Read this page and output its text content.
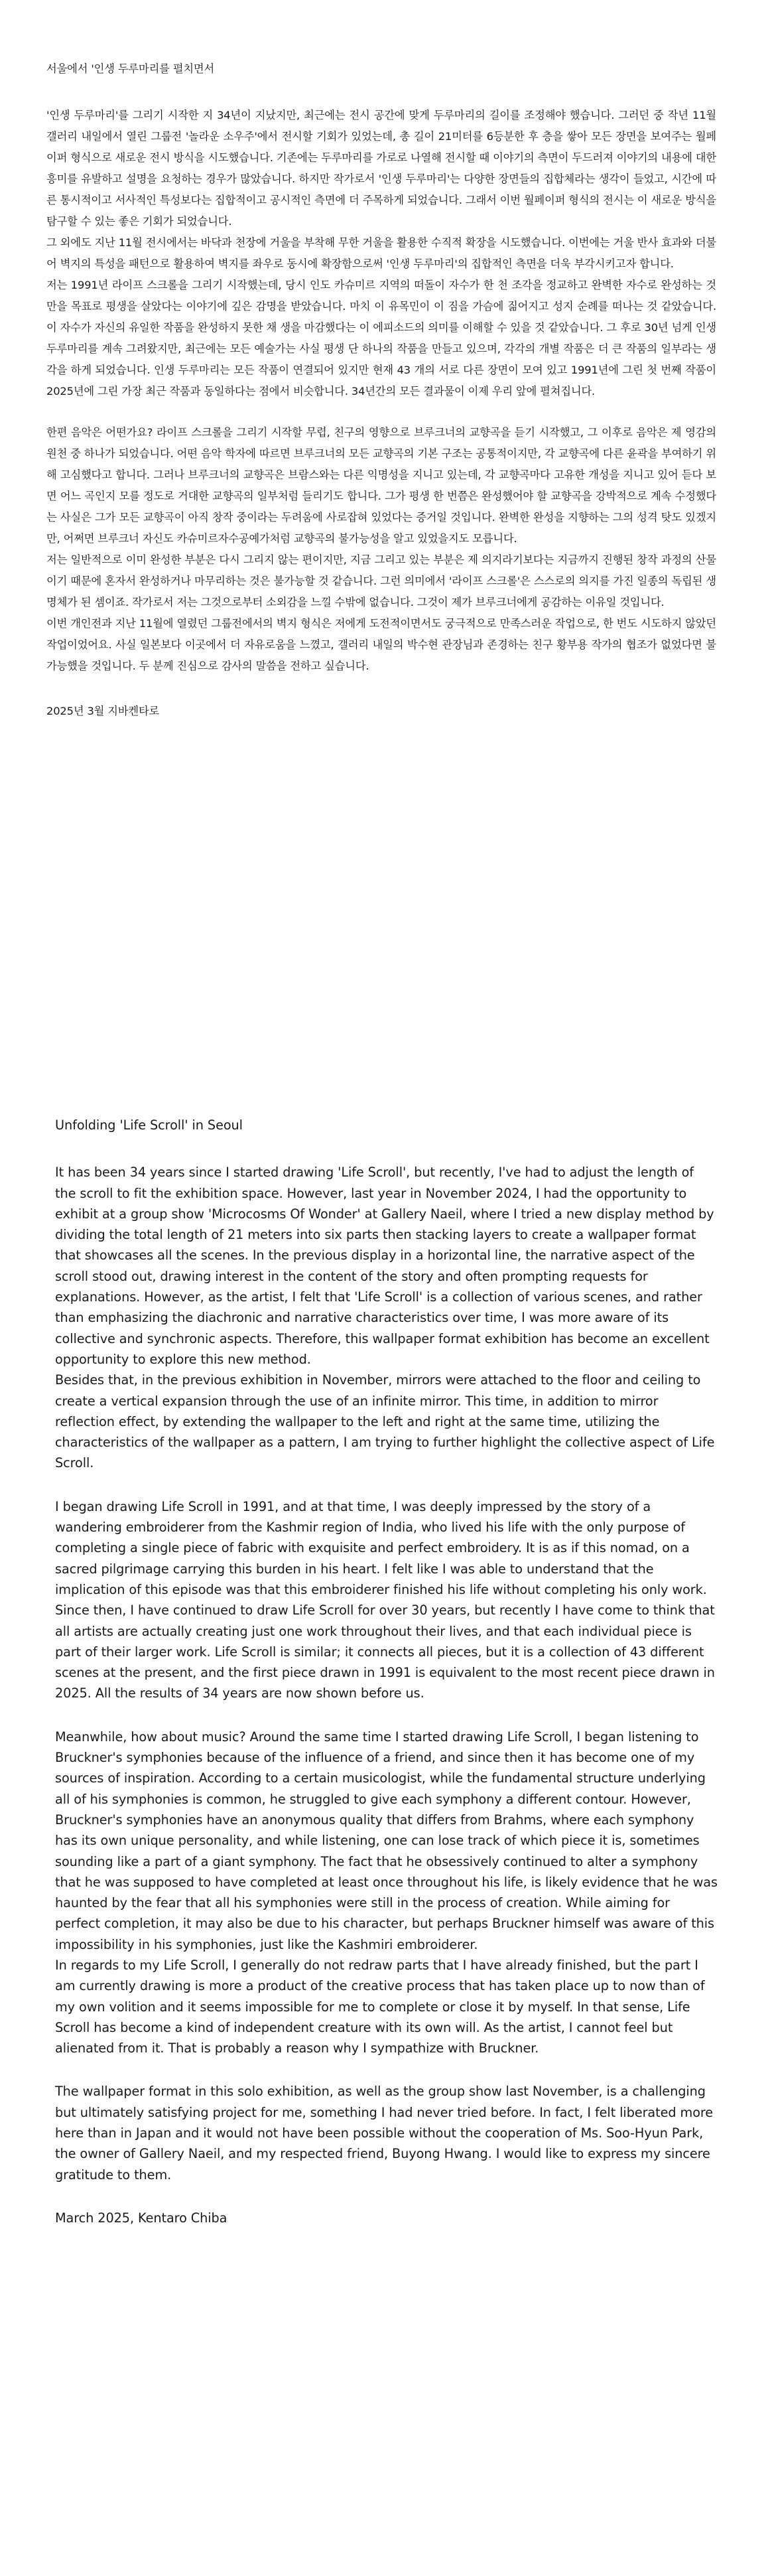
서울에서 '인생 두루마리를 펼치면서

'인생 두루마리'를 그리기 시작한 지 34년이 지났지만, 최근에는 전시 공간에 맞게 두루마리의 길이를 조정해야 했습니다. 그러던 중 작년 11월 갤러리 내일에서 열린 그룹전 '놀라운 소우주'에서 전시할 기회가 있었는데, 총 길이 21미터를 6등분한 후 층을 쌓아 모든 장면을 보여주는 월페이퍼 형식으로 새로운 전시 방식을 시도했습니다. 기존에는 두루마리를 가로로 나열해 전시할 때 이야기의 측면이 두드러져 이야기의 내용에 대한 흥미를 유발하고 설명을 요청하는 경우가 많았습니다. 하지만 작가로서 '인생 두루마리'는 다양한 장면들의 집합체라는 생각이 들었고, 시간에 따른 통시적이고 서사적인 특성보다는 집합적이고 공시적인 측면에 더 주목하게 되었습니다. 그래서 이번 월페이퍼 형식의 전시는 이 새로운 방식을 탐구할 수 있는 좋은 기회가 되었습니다.
그 외에도 지난 11월 전시에서는 바닥과 천장에 거울을 부착해 무한 거울을 활용한 수직적 확장을 시도했습니다. 이번에는 거울 반사 효과와 더불어 벽지의 특성을 패턴으로 활용하여 벽지를 좌우로 동시에 확장함으로써 '인생 두루마리'의 집합적인 측면을 더욱 부각시키고자 합니다.
저는 1991년 라이프 스크롤을 그리기 시작했는데, 당시 인도 카슈미르 지역의 떠돌이 자수가 한 천 조각을 정교하고 완벽한 자수로 완성하는 것만을 목표로 평생을 살았다는 이야기에 깊은 감명을 받았습니다. 마치 이 유목민이 이 짐을 가슴에 짊어지고 성지 순례를 떠나는 것 같았습니다. 이 자수가 자신의 유일한 작품을 완성하지 못한 채 생을 마감했다는 이 에피소드의 의미를 이해할 수 있을 것 같았습니다. 그 후로 30년 넘게 인생 두루마리를 계속 그려왔지만, 최근에는 모든 예술가는 사실 평생 단 하나의 작품을 만들고 있으며, 각각의 개별 작품은 더 큰 작품의 일부라는 생각을 하게 되었습니다. 인생 두루마리는 모든 작품이 연결되어 있지만 현재 43 개의 서로 다른 장면이 모여 있고 1991년에 그린 첫 번째 작품이 2025년에 그린 가장 최근 작품과 동일하다는 점에서 비슷합니다. 34년간의 모든 결과물이 이제 우리 앞에 펼쳐집니다.

한편 음악은 어떤가요? 라이프 스크롤을 그리기 시작할 무렵, 친구의 영향으로 브루크너의 교향곡을 듣기 시작했고, 그 이후로 음악은 제 영감의 원천 중 하나가 되었습니다. 어떤 음악 학자에 따르면 브루크너의 모든 교향곡의 기본 구조는 공통적이지만, 각 교향곡에 다른 윤곽을 부여하기 위해 고심했다고 합니다. 그러나 브루크너의 교향곡은 브람스와는 다른 익명성을 지니고 있는데, 각 교향곡마다 고유한 개성을 지니고 있어 듣다 보면 어느 곡인지 모를 정도로 거대한 교향곡의 일부처럼 들리기도 합니다. 그가 평생 한 번쯤은 완성했어야 할 교향곡을 강박적으로 계속 수정했다는 사실은 그가 모든 교향곡이 아직 창작 중이라는 두려움에 사로잡혀 있었다는 증거일 것입니다. 완벽한 완성을 지향하는 그의 성격 탓도 있겠지만, 어쩌면 브루크너 자신도 카슈미르자수공예가처럼 교향곡의 불가능성을 알고 있었을지도 모릅니다.
저는 일반적으로 이미 완성한 부분은 다시 그리지 않는 편이지만, 지금 그리고 있는 부분은 제 의지라기보다는 지금까지 진행된 창작 과정의 산물이기 때문에 혼자서 완성하거나 마무리하는 것은 불가능할 것 같습니다. 그런 의미에서 '라이프 스크롤'은 스스로의 의지를 가진 일종의 독립된 생명체가 된 셈이죠. 작가로서 저는 그것으로부터 소외감을 느낄 수밖에 없습니다. 그것이 제가 브루크너에게 공감하는 이유일 것입니다.
이번 개인전과 지난 11월에 열렸던 그룹전에서의 벽지 형식은 저에게 도전적이면서도 궁극적으로 만족스러운 작업으로, 한 번도 시도하지 않았던 작업이었어요. 사실 일본보다 이곳에서 더 자유로움을 느꼈고, 갤러리 내일의 박수현 관장님과 존경하는 친구 황부용 작가의 협조가 없었다면 불가능했을 것입니다. 두 분께 진심으로 감사의 말씀을 전하고 싶습니다.

2025년 3월 지바켄타로

Unfolding 'Life Scroll' in Seoul

It has been 34 years since I started drawing 'Life Scroll', but recently, I've had to adjust the length of the scroll to fit the exhibition space. However, last year in November 2024, I had the opportunity to exhibit at a group show 'Microcosms Of Wonder' at Gallery Naeil, where I tried a new display method by dividing the total length of 21 meters into six parts then stacking layers to create a wallpaper format that showcases all the scenes. In the previous display in a horizontal line, the narrative aspect of the scroll stood out, drawing interest in the content of the story and often prompting requests for explanations. However, as the artist, I felt that 'Life Scroll' is a collection of various scenes, and rather than emphasizing the diachronic and narrative characteristics over time, I was more aware of its collective and synchronic aspects. Therefore, this wallpaper format exhibition has become an excellent opportunity to explore this new method.
Besides that, in the previous exhibition in November, mirrors were attached to the floor and ceiling to create a vertical expansion through the use of an infinite mirror. This time, in addition to mirror reflection effect, by extending the wallpaper to the left and right at the same time, utilizing the characteristics of the wallpaper as a pattern, I am trying to further highlight the collective aspect of Life Scroll.

I began drawing Life Scroll in 1991, and at that time, I was deeply impressed by the story of a wandering embroiderer from the Kashmir region of India, who lived his life with the only purpose of completing a single piece of fabric with exquisite and perfect embroidery. It is as if this nomad, on a sacred pilgrimage carrying this burden in his heart. I felt like I was able to understand that the implication of this episode was that this embroiderer finished his life without completing his only work. Since then, I have continued to draw Life Scroll for over 30 years, but recently I have come to think that all artists are actually creating just one work throughout their lives, and that each individual piece is part of their larger work. Life Scroll is similar; it connects all pieces, but it is a collection of 43 different scenes at the present, and the first piece drawn in 1991 is equivalent to the most recent piece drawn in 2025. All the results of 34 years are now shown before us.

Meanwhile, how about music? Around the same time I started drawing Life Scroll, I began listening to Bruckner's symphonies because of the influence of a friend, and since then it has become one of my sources of inspiration. According to a certain musicologist, while the fundamental structure underlying all of his symphonies is common, he struggled to give each symphony a different contour. However, Bruckner's symphonies have an anonymous quality that differs from Brahms, where each symphony has its own unique personality, and while listening, one can lose track of which piece it is, sometimes sounding like a part of a giant symphony. The fact that he obsessively continued to alter a symphony that he was supposed to have completed at least once throughout his life, is likely evidence that he was haunted by the fear that all his symphonies were still in the process of creation. While aiming for perfect completion, it may also be due to his character, but perhaps Bruckner himself was aware of this impossibility in his symphonies, just like the Kashmiri embroiderer.
In regards to my Life Scroll, I generally do not redraw parts that I have already finished, but the part I am currently drawing is more a product of the creative process that has taken place up to now than of my own volition and it seems impossible for me to complete or close it by myself. In that sense, Life Scroll has become a kind of independent creature with its own will. As the artist, I cannot feel but alienated from it. That is probably a reason why I sympathize with Bruckner.

The wallpaper format in this solo exhibition, as well as the group show last November, is a challenging but ultimately satisfying project for me, something I had never tried before. In fact, I felt liberated more here than in Japan and it would not have been possible without the cooperation of Ms. Soo-Hyun Park, the owner of Gallery Naeil, and my respected friend, Buyong Hwang. I would like to express my sincere gratitude to them.

March 2025, Kentaro Chiba
